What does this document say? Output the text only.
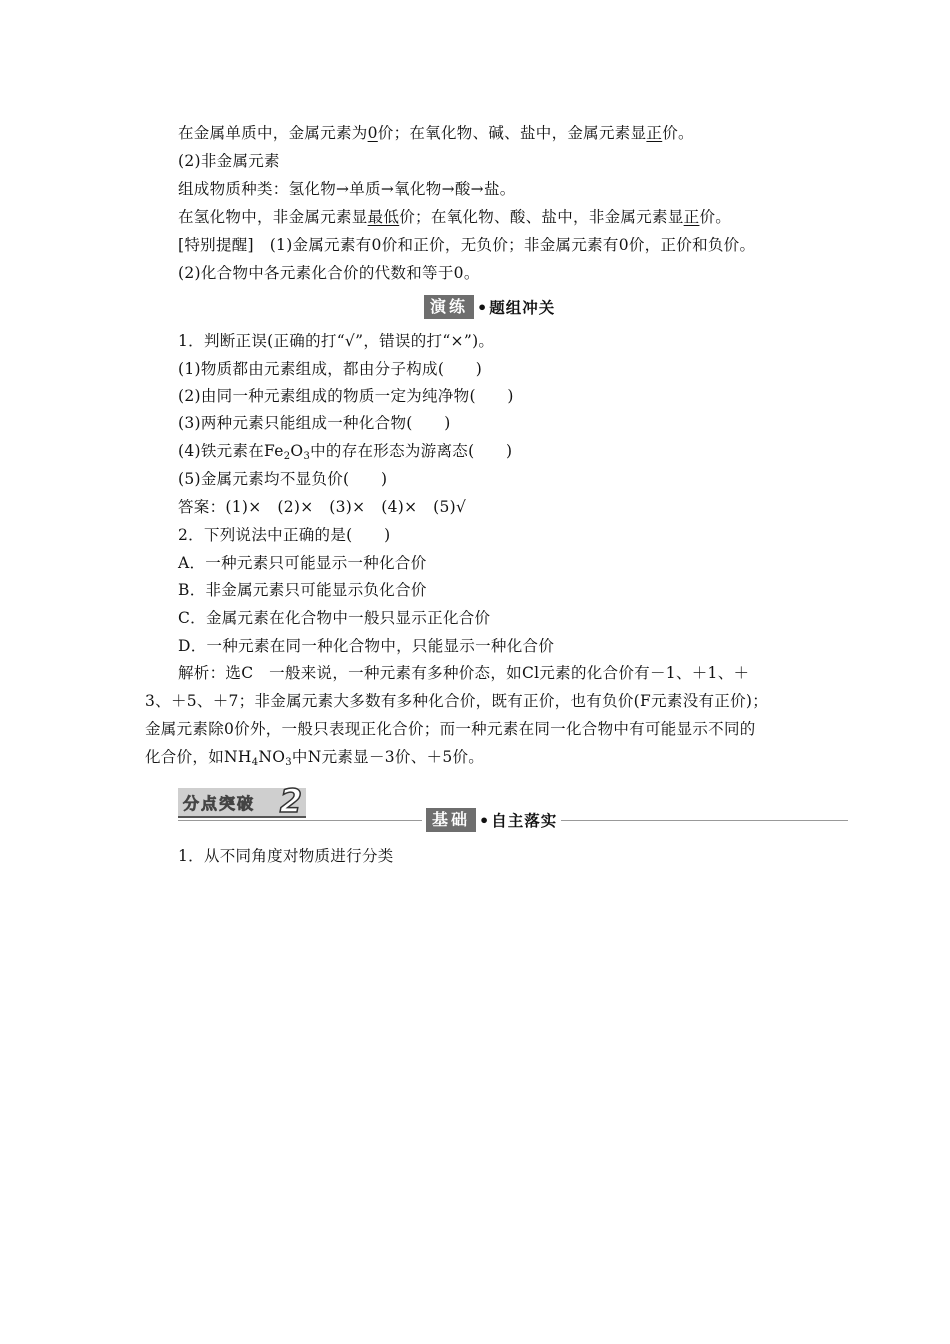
在金属单质中，金属元素为0价；在氧化物、碱、盐中，金属元素显正价。
(2)非金属元素
组成物质种类：氢化物→单质→氧化物→酸→盐。
在氢化物中，非金属元素显最低价；在氧化物、酸、盐中，非金属元素显正价。
[特别提醒]　(1)金属元素有0价和正价，无负价；非金属元素有0价，正价和负价。
(2)化合物中各元素化合价的代数和等于0。
演练 • 题组冲关
1．判断正误(正确的打“√”，错误的打“×”)。
(1)物质都由元素组成，都由分子构成(　　)
(2)由同一种元素组成的物质一定为纯净物(　　)
(3)两种元素只能组成一种化合物(　　)
(4)铁元素在$Fe_2O_3$中的存在形态为游离态(　　)
(5)金属元素均不显负价(　　)
答案：(1)×　(2)×　(3)×　(4)×　(5)√
2．下列说法中正确的是(　　)
A．一种元素只可能显示一种化合价
B．非金属元素只可能显示负化合价
C．金属元素在化合物中一般只显示正化合价
D．一种元素在同一种化合物中，只能显示一种化合价
解析：选C　一般来说，一种元素有多种价态，如Cl元素的化合价有－1、＋1、＋
3、＋5、＋7；非金属元素大多数有多种化合价，既有正价，也有负价(F元素没有正价)；
金属元素除0价外，一般只表现正化合价；而一种元素在同一化合物中有可能显示不同的
化合价，如$NH_4NO_3$中N元素显－3价、＋5价。
分点突破 2	基础 • 自主落实
1．从不同角度对物质进行分类
